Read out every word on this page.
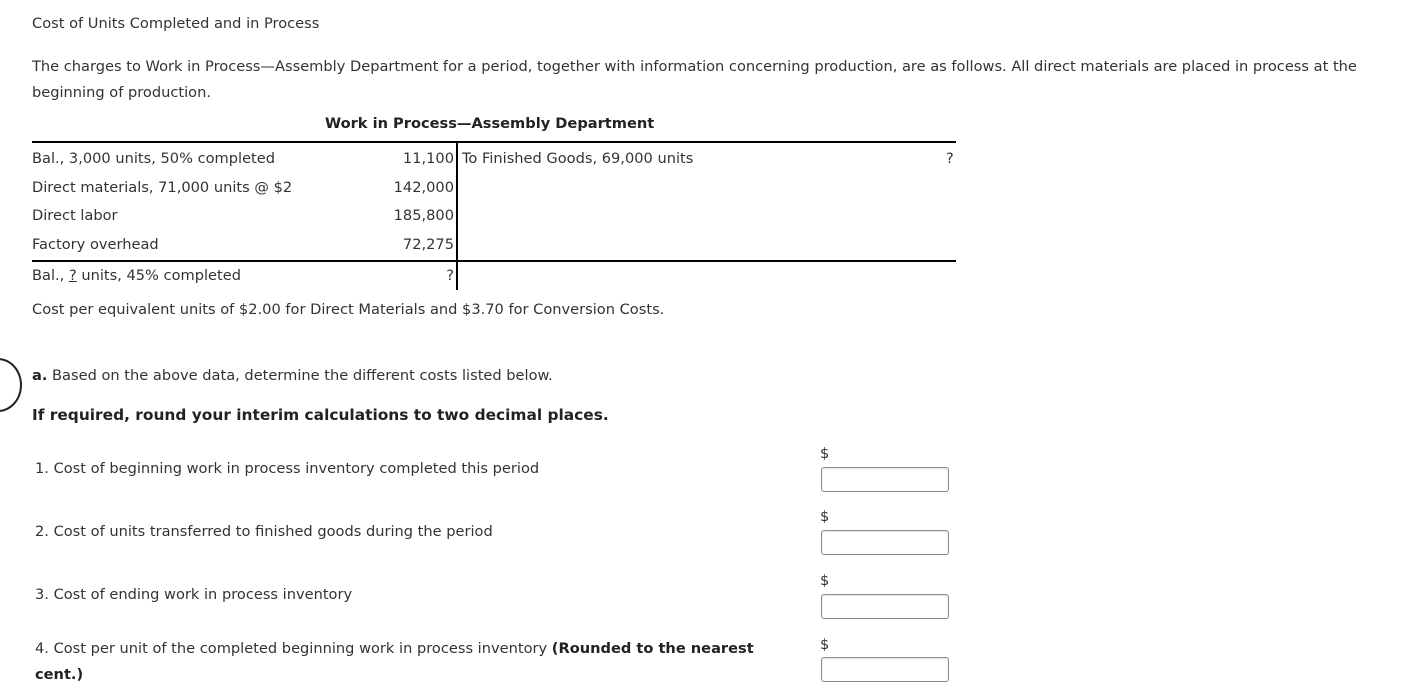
Cost of Units Completed and in Process
The charges to Work in Process—Assembly Department for a period, together with information concerning production, are as follows. All direct materials are placed in process at the beginning of production.
Work in Process—Assembly Department
Bal., 3,000 units, 50% completed	11,100
Direct materials, 71,000 units @ $2	142,000
Direct labor	185,800
Factory overhead	72,275
Bal., ? units, 45% completed	?
To Finished Goods, 69,000 units	?
Cost per equivalent units of $2.00 for Direct Materials and $3.70 for Conversion Costs.
a. Based on the above data, determine the different costs listed below.
If required, round your interim calculations to two decimal places.
1. Cost of beginning work in process inventory completed this period
$
2. Cost of units transferred to finished goods during the period
$
3. Cost of ending work in process inventory
$
4. Cost per unit of the completed beginning work in process inventory (Rounded to the nearest cent.)
$
